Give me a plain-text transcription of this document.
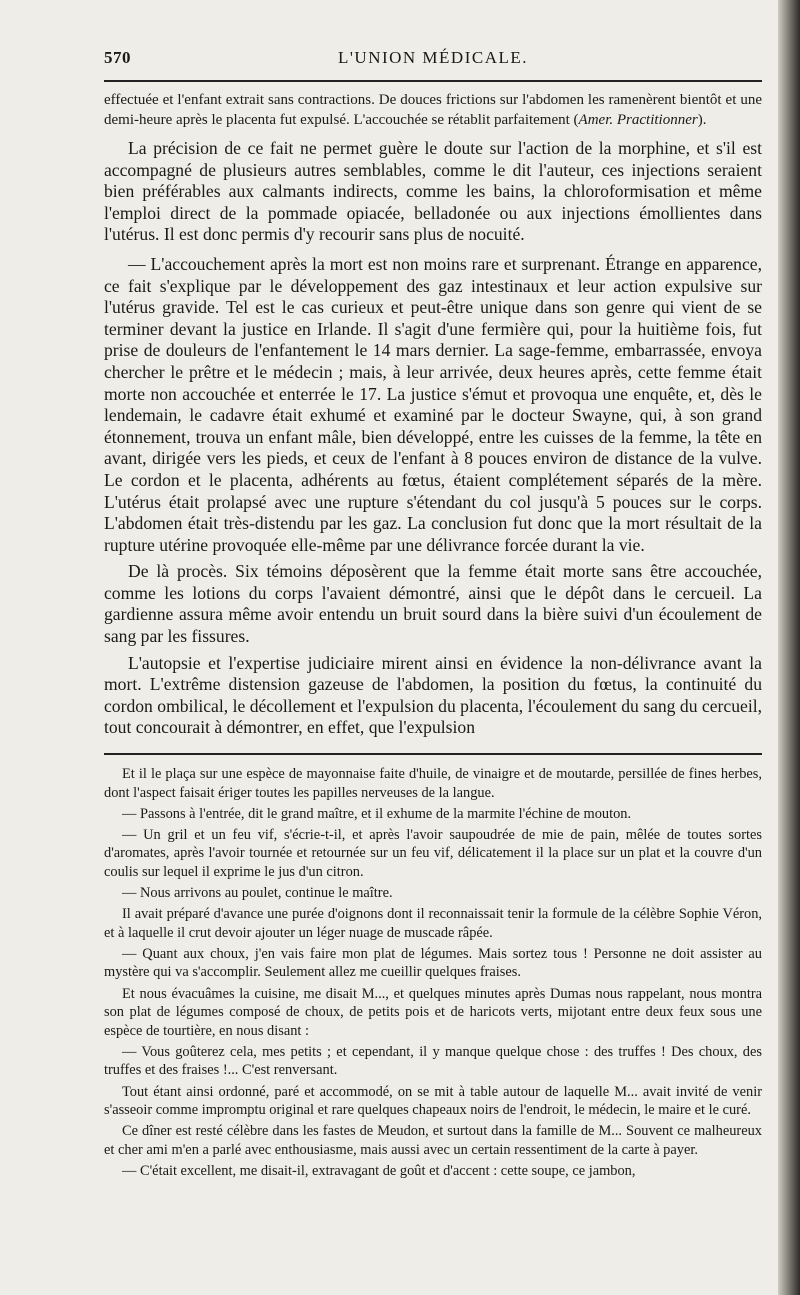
570	L'UNION MÉDICALE.

effectuée et l'enfant extrait sans contractions. De douces frictions sur l'abdomen les ramenèrent bientôt et une demi-heure après le placenta fut expulsé. L'accouchée se rétablit parfaitement (Amer. Practitionner).

La précision de ce fait ne permet guère le doute sur l'action de la morphine, et s'il est accompagné de plusieurs autres semblables, comme le dit l'auteur, ces injections seraient bien préférables aux calmants indirects, comme les bains, la chloroformisation et même l'emploi direct de la pommade opiacée, belladonée ou aux injections émollientes dans l'utérus. Il est donc permis d'y recourir sans plus de nocuité.

— L'accouchement après la mort est non moins rare et surprenant. Étrange en apparence, ce fait s'explique par le développement des gaz intestinaux et leur action expulsive sur l'utérus gravide. Tel est le cas curieux et peut-être unique dans son genre qui vient de se terminer devant la justice en Irlande. Il s'agit d'une fermière qui, pour la huitième fois, fut prise de douleurs de l'enfantement le 14 mars dernier. La sage-femme, embarrassée, envoya chercher le prêtre et le médecin ; mais, à leur arrivée, deux heures après, cette femme était morte non accouchée et enterrée le 17. La justice s'émut et provoqua une enquête, et, dès le lendemain, le cadavre était exhumé et examiné par le docteur Swayne, qui, à son grand étonnement, trouva un enfant mâle, bien développé, entre les cuisses de la femme, la tête en avant, dirigée vers les pieds, et ceux de l'enfant à 8 pouces environ de distance de la vulve. Le cordon et le placenta, adhérents au fœtus, étaient complétement séparés de la mère. L'utérus était prolapsé avec une rupture s'étendant du col jusqu'à 5 pouces sur le corps. L'abdomen était très-distendu par les gaz. La conclusion fut donc que la mort résultait de la rupture utérine provoquée elle-même par une délivrance forcée durant la vie.

De là procès. Six témoins déposèrent que la femme était morte sans être accouchée, comme les lotions du corps l'avaient démontré, ainsi que le dépôt dans le cercueil. La gardienne assura même avoir entendu un bruit sourd dans la bière suivi d'un écoulement de sang par les fissures.

L'autopsie et l'expertise judiciaire mirent ainsi en évidence la non-délivrance avant la mort. L'extrême distension gazeuse de l'abdomen, la position du fœtus, la continuité du cordon ombilical, le décollement et l'expulsion du placenta, l'écoulement du sang du cercueil, tout concourait à démontrer, en effet, que l'expulsion

Et il le plaça sur une espèce de mayonnaise faite d'huile, de vinaigre et de moutarde, persillée de fines herbes, dont l'aspect faisait ériger toutes les papilles nerveuses de la langue.

— Passons à l'entrée, dit le grand maître, et il exhume de la marmite l'échine de mouton.

— Un gril et un feu vif, s'écrie-t-il, et après l'avoir saupoudrée de mie de pain, mêlée de toutes sortes d'aromates, après l'avoir tournée et retournée sur un feu vif, délicatement il la place sur un plat et la couvre d'un coulis sur lequel il exprime le jus d'un citron.

— Nous arrivons au poulet, continue le maître.

Il avait préparé d'avance une purée d'oignons dont il reconnaissait tenir la formule de la célèbre Sophie Véron, et à laquelle il crut devoir ajouter un léger nuage de muscade râpée.

— Quant aux choux, j'en vais faire mon plat de légumes. Mais sortez tous ! Personne ne doit assister au mystère qui va s'accomplir. Seulement allez me cueillir quelques fraises.

Et nous évacuâmes la cuisine, me disait M..., et quelques minutes après Dumas nous rappelant, nous montra son plat de légumes composé de choux, de petits pois et de haricots verts, mijotant entre deux feux sous une espèce de tourtière, en nous disant :

— Vous goûterez cela, mes petits ; et cependant, il y manque quelque chose : des truffes ! Des choux, des truffes et des fraises !... C'est renversant.

Tout étant ainsi ordonné, paré et accommodé, on se mit à table autour de laquelle M... avait invité de venir s'asseoir comme impromptu original et rare quelques chapeaux noirs de l'endroit, le médecin, le maire et le curé.

Ce dîner est resté célèbre dans les fastes de Meudon, et surtout dans la famille de M... Souvent ce malheureux et cher ami m'en a parlé avec enthousiasme, mais aussi avec un certain ressentiment de la carte à payer.

— C'était excellent, me disait-il, extravagant de goût et d'accent : cette soupe, ce jambon,
